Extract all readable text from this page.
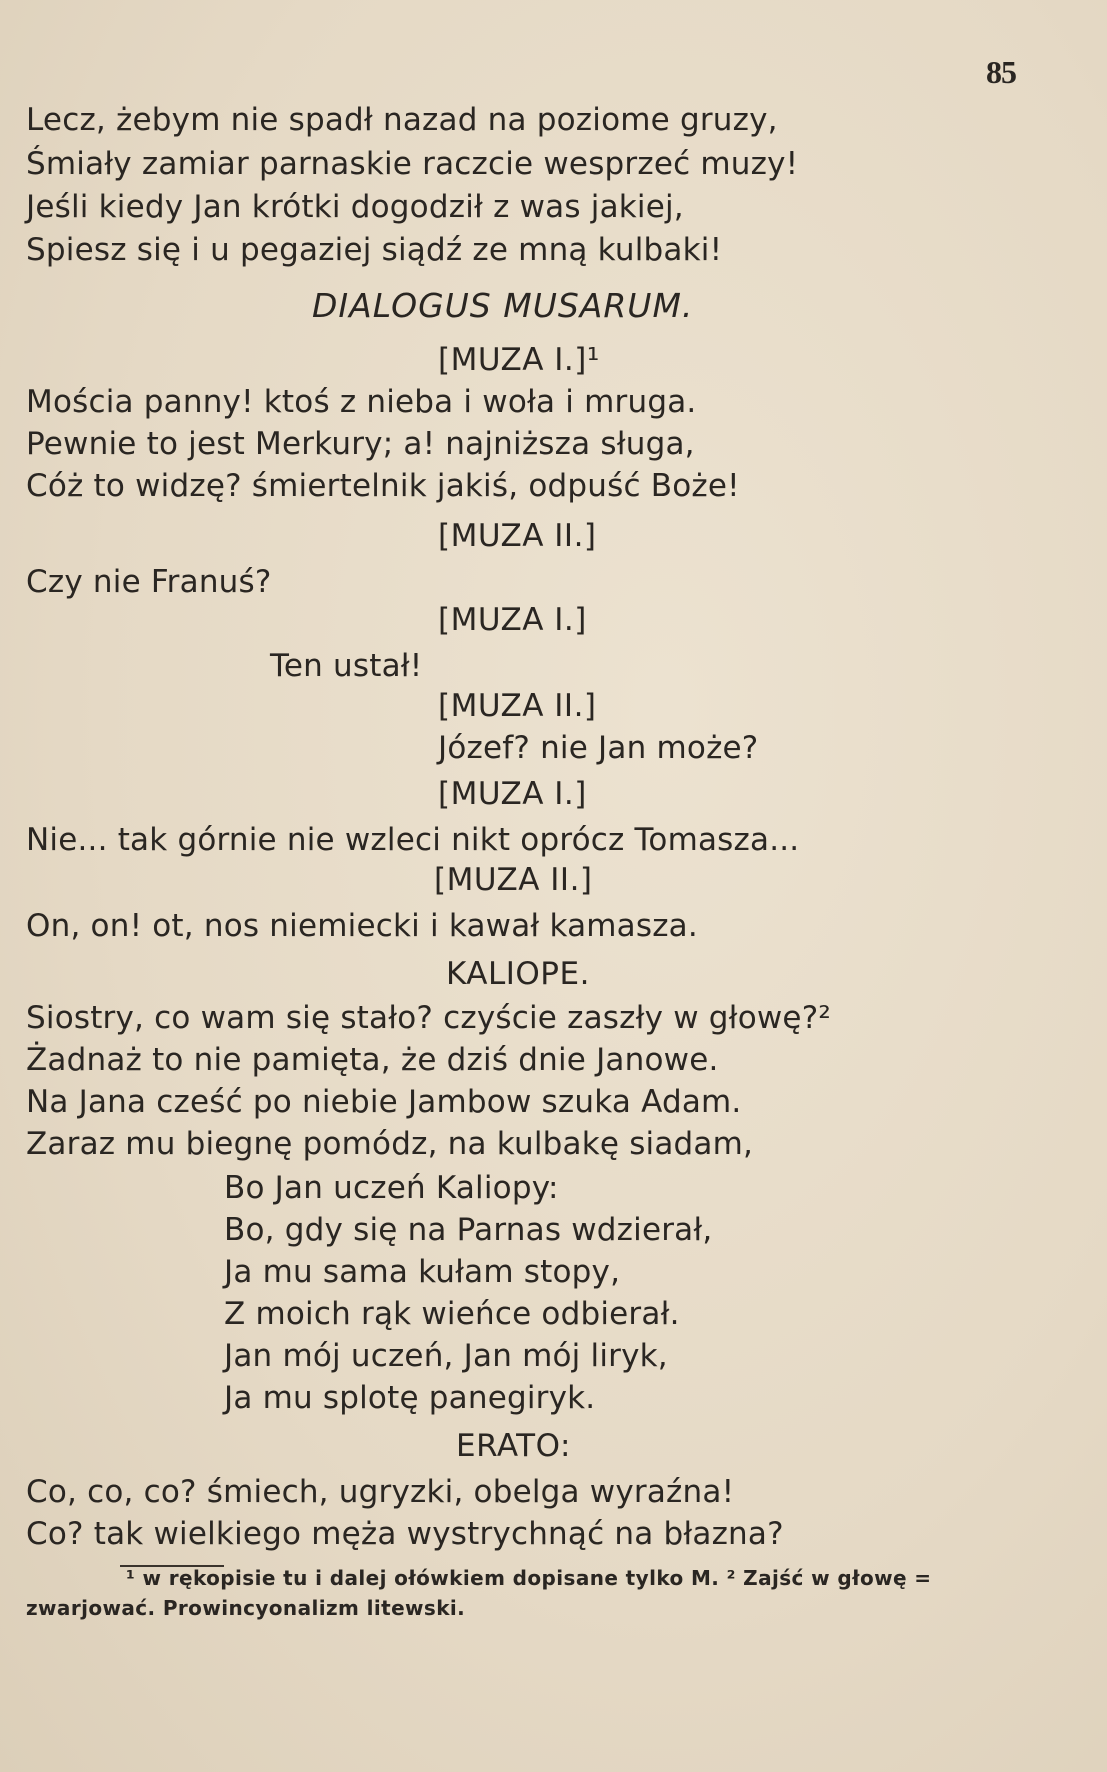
85
Lecz, żebym nie spadł nazad na poziome gruzy,
Śmiały zamiar parnaskie raczcie wesprzeć muzy!
Jeśli kiedy Jan krótki dogodził z was jakiej,
Spiesz się i u pegaziej siądź ze mną kulbaki!
DIALOGUS MUSARUM.
[MUZA I.]¹
Mościa panny! ktoś z nieba i woła i mruga.
Pewnie to jest Merkury; a! najniższa sługa,
Cóż to widzę? śmiertelnik jakiś, odpuść Boże!
[MUZA II.]
Czy nie Franuś?
[MUZA I.]
Ten ustał!
[MUZA II.]
Józef? nie Jan może?
[MUZA I.]
Nie... tak górnie nie wzleci nikt oprócz Tomasza...
[MUZA II.]
On, on! ot, nos niemiecki i kawał kamasza.
KALIOPE.
Siostry, co wam się stało? czyście zaszły w głowę?²
Żadnaż to nie pamięta, że dziś dnie Janowe.
Na Jana cześć po niebie Jambow szuka Adam.
Zaraz mu biegnę pomódz, na kulbakę siadam,
Bo Jan uczeń Kaliopy:
Bo, gdy się na Parnas wdzierał,
Ja mu sama kułam stopy,
Z moich rąk wieńce odbierał.
Jan mój uczeń, Jan mój liryk,
Ja mu splotę panegiryk.
ERATO:
Co, co, co? śmiech, ugryzki, obelga wyraźna!
Co? tak wielkiego męża wystrychnąć na błazna?
¹ w rękopisie tu i dalej ołówkiem dopisane tylko M. ² Zajść w głowę =
zwarjować. Prowincyonalizm litewski.
